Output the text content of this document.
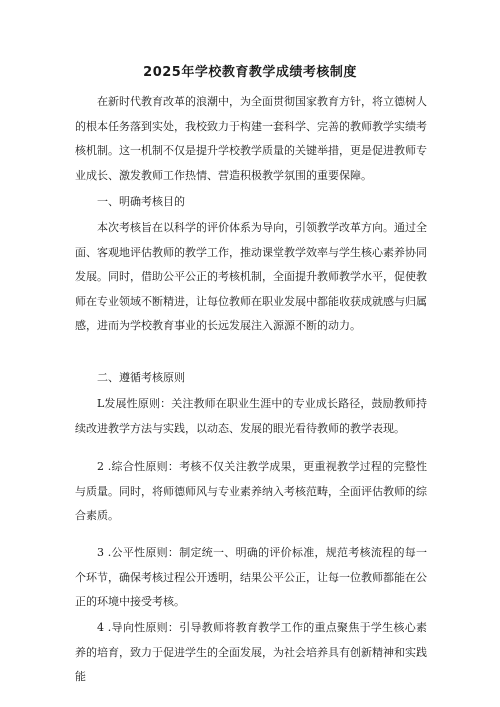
2025年学校教育教学成绩考核制度

在新时代教育改革的浪潮中，为全面贯彻国家教育方针，将立德树人的根本任务落到实处，我校致力于构建一套科学、完善的教师教学实绩考核机制。这一机制不仅是提升学校教学质量的关键举措，更是促进教师专业成长、激发教师工作热情、营造积极教学氛围的重要保障。

一、明确考核目的

本次考核旨在以科学的评价体系为导向，引领教学改革方向。通过全面、客观地评估教师的教学工作，推动课堂教学效率与学生核心素养协同发展。同时，借助公平公正的考核机制，全面提升教师教学水平，促使教师在专业领域不断精进，让每位教师在职业发展中都能收获成就感与归属感，进而为学校教育事业的长远发展注入源源不断的动力。

二、遵循考核原则

L发展性原则：关注教师在职业生涯中的专业成长路径，鼓励教师持续改进教学方法与实践，以动态、发展的眼光看待教师的教学表现。

2 .综合性原则：考核不仅关注教学成果，更重视教学过程的完整性与质量。同时，将师德师风与专业素养纳入考核范畴，全面评估教师的综合素质。

3 .公平性原则：制定统一、明确的评价标准，规范考核流程的每一个环节，确保考核过程公开透明，结果公平公正，让每一位教师都能在公正的环境中接受考核。

4 .导向性原则：引导教师将教育教学工作的重点聚焦于学生核心素养的培育，致力于促进学生的全面发展，为社会培养具有创新精神和实践能
